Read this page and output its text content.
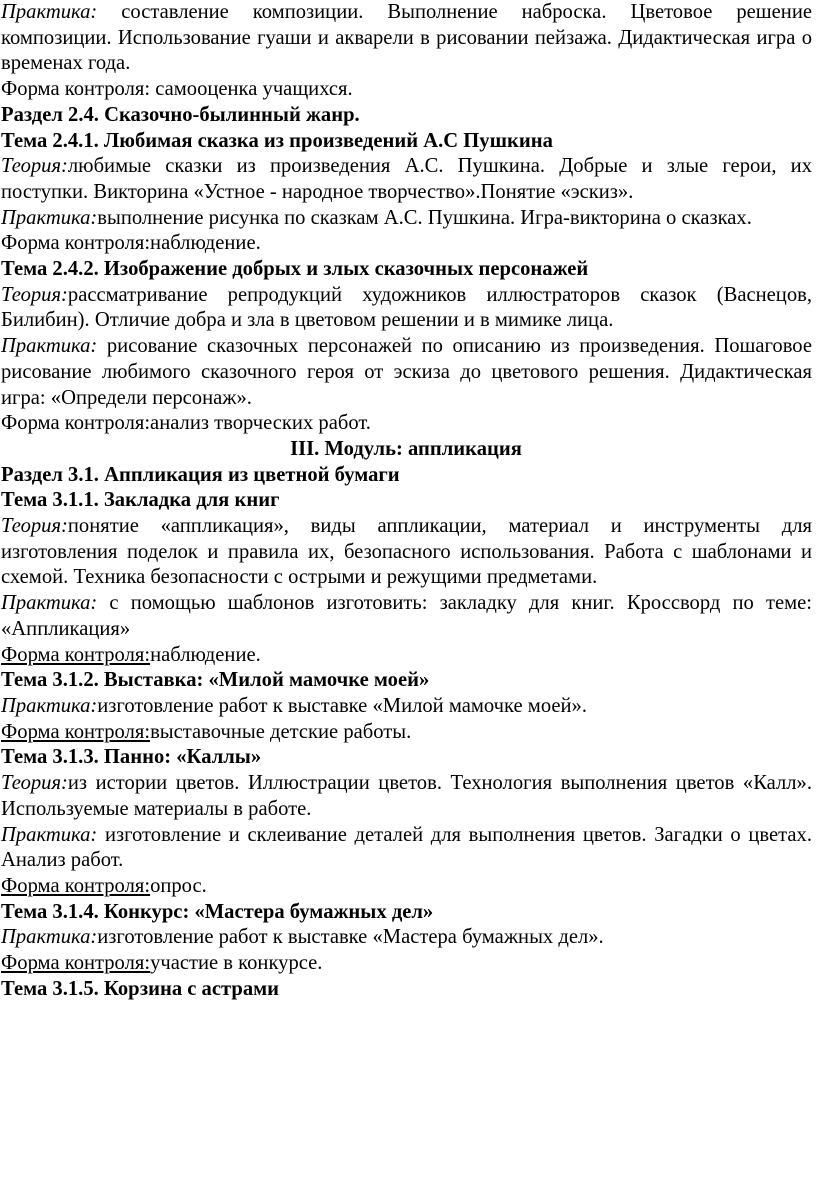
Практика: составление композиции. Выполнение наброска. Цветовое решение композиции. Использование гуаши и акварели в рисовании пейзажа. Дидактическая игра о временах года.

Форма контроля: самооценка учащихся.

Раздел 2.4. Сказочно-былинный жанр.

Тема 2.4.1. Любимая сказка из произведений А.С Пушкина

Теория:любимые сказки из произведения А.С. Пушкина. Добрые и злые герои, их поступки. Викторина «Устное - народное творчество».Понятие «эскиз».

Практика:выполнение рисунка по сказкам А.С. Пушкина. Игра-викторина о сказках.

Форма контроля:наблюдение.

Тема 2.4.2. Изображение добрых и злых сказочных персонажей

Теория:рассматривание репродукций художников иллюстраторов сказок (Васнецов, Билибин). Отличие добра и зла в цветовом решении и в мимике лица.

Практика: рисование сказочных персонажей по описанию из произведения. Пошаговое рисование любимого сказочного героя от эскиза до цветового решения. Дидактическая игра: «Определи персонаж».

Форма контроля:анализ творческих работ.

III. Модуль: аппликация

Раздел 3.1. Аппликация из цветной бумаги

Тема 3.1.1. Закладка для книг

Теория:понятие «аппликация», виды аппликации, материал и инструменты для изготовления поделок и правила их, безопасного использования. Работа с шаблонами и схемой. Техника безопасности с острыми и режущими предметами.

Практика: с помощью шаблонов изготовить: закладку для книг. Кроссворд по теме: «Аппликация»

Форма контроля:наблюдение.

Тема 3.1.2. Выставка: «Милой мамочке моей»

Практика:изготовление работ к выставке «Милой мамочке моей».

Форма контроля:выставочные детские работы.

Тема 3.1.3. Панно: «Каллы»

Теория:из истории цветов. Иллюстрации цветов. Технология выполнения цветов «Калл». Используемые материалы в работе.

Практика: изготовление и склеивание деталей для выполнения цветов. Загадки о цветах. Анализ работ.

Форма контроля:опрос.

Тема 3.1.4. Конкурс: «Мастера бумажных дел»

Практика:изготовление работ к выставке «Мастера бумажных дел».

Форма контроля:участие в конкурсе.

Тема 3.1.5. Корзина с астрами
